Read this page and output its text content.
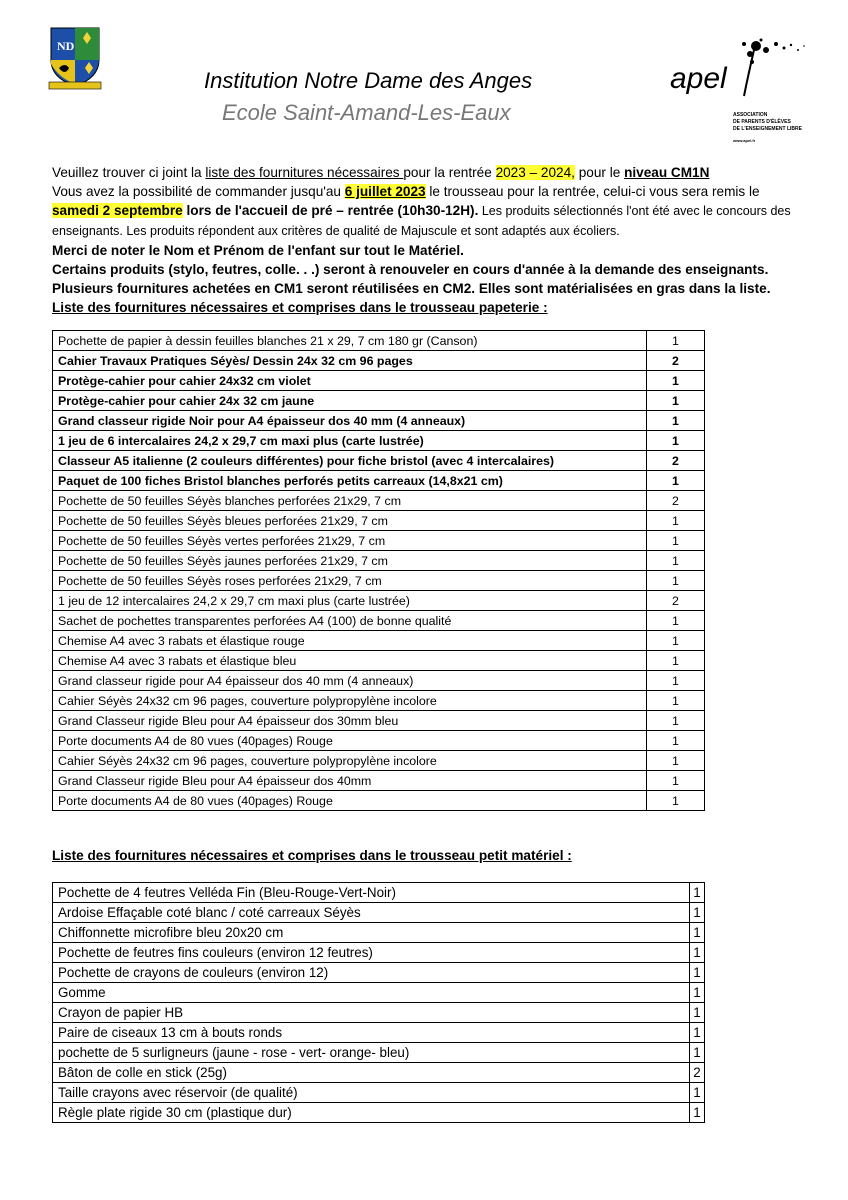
ND
Institution Notre Dame des Anges
Ecole Saint-Amand-Les-Eaux
apel
ASSOCIATION
DE PARENTS D'ÉLÈVES
DE L'ENSEIGNEMENT LIBRE
www.apel.fr
Veuillez trouver ci joint la liste des fournitures nécessaires pour la rentrée 2023 – 2024, pour le niveau CM1N
Vous avez la possibilité de commander jusqu'au 6 juillet 2023 le trousseau pour la rentrée, celui-ci vous sera remis le
samedi 2 septembre lors de l'accueil de pré – rentrée (10h30-12H). Les produits sélectionnés l'ont été avec le concours des enseignants. Les produits répondent aux critères de qualité de Majuscule et sont adaptés aux écoliers.
Merci de noter le Nom et Prénom de l'enfant sur tout le Matériel.
Certains produits (stylo, feutres, colle. . .) seront à renouveler en cours d'année à la demande des enseignants.
Plusieurs fournitures achetées en CM1 seront réutilisées en CM2. Elles sont matérialisées en gras dans la liste.
Liste des fournitures nécessaires et comprises dans le trousseau papeterie :
Pochette de papier à dessin feuilles blanches 21 x 29, 7 cm 180 gr (Canson)	1
Cahier Travaux Pratiques Séyès/ Dessin 24x 32 cm 96 pages	2
Protège-cahier pour cahier 24x32 cm violet	1
Protège-cahier pour cahier 24x 32 cm jaune	1
Grand classeur rigide Noir pour A4 épaisseur dos 40 mm (4 anneaux)	1
1 jeu de 6 intercalaires 24,2 x 29,7 cm maxi plus (carte lustrée)	1
Classeur A5 italienne (2 couleurs différentes) pour fiche bristol (avec 4 intercalaires)	2
Paquet de 100 fiches Bristol blanches perforés petits carreaux (14,8x21 cm)	1
Pochette de 50 feuilles Séyès blanches perforées 21x29, 7 cm	2
Pochette de 50 feuilles Séyès bleues perforées 21x29, 7 cm	1
Pochette de 50 feuilles Séyès vertes perforées 21x29, 7 cm	1
Pochette de 50 feuilles Séyès jaunes perforées 21x29, 7 cm	1
Pochette de 50 feuilles Séyès roses perforées 21x29, 7 cm	1
1 jeu de 12 intercalaires 24,2 x 29,7 cm maxi plus (carte lustrée)	2
Sachet de pochettes transparentes perforées A4 (100) de bonne qualité	1
Chemise A4 avec 3 rabats et élastique rouge	1
Chemise A4 avec 3 rabats et élastique bleu	1
Grand classeur rigide pour A4 épaisseur dos 40 mm (4 anneaux)	1
Cahier Séyès 24x32 cm 96 pages, couverture polypropylène incolore	1
Grand Classeur rigide Bleu pour A4 épaisseur dos 30mm bleu	1
Porte documents A4 de 80 vues (40pages) Rouge	1
Cahier Séyès 24x32 cm 96 pages, couverture polypropylène incolore	1
Grand Classeur rigide Bleu pour A4 épaisseur dos 40mm	1
Porte documents A4 de 80 vues (40pages) Rouge	1
Liste des fournitures nécessaires et comprises dans le trousseau petit matériel :
Pochette de 4 feutres Velléda Fin (Bleu-Rouge-Vert-Noir)	1
Ardoise Effaçable coté blanc / coté carreaux Séyès	1
Chiffonnette microfibre bleu 20x20 cm	1
Pochette de feutres fins couleurs (environ 12 feutres)	1
Pochette de crayons de couleurs (environ 12)	1
Gomme	1
Crayon de papier HB	1
Paire de ciseaux 13 cm à bouts ronds	1
pochette de 5 surligneurs (jaune - rose - vert- orange- bleu)	1
Bâton de colle en stick (25g)	2
Taille crayons avec réservoir (de qualité)	1
Règle plate rigide 30 cm (plastique dur)	1
